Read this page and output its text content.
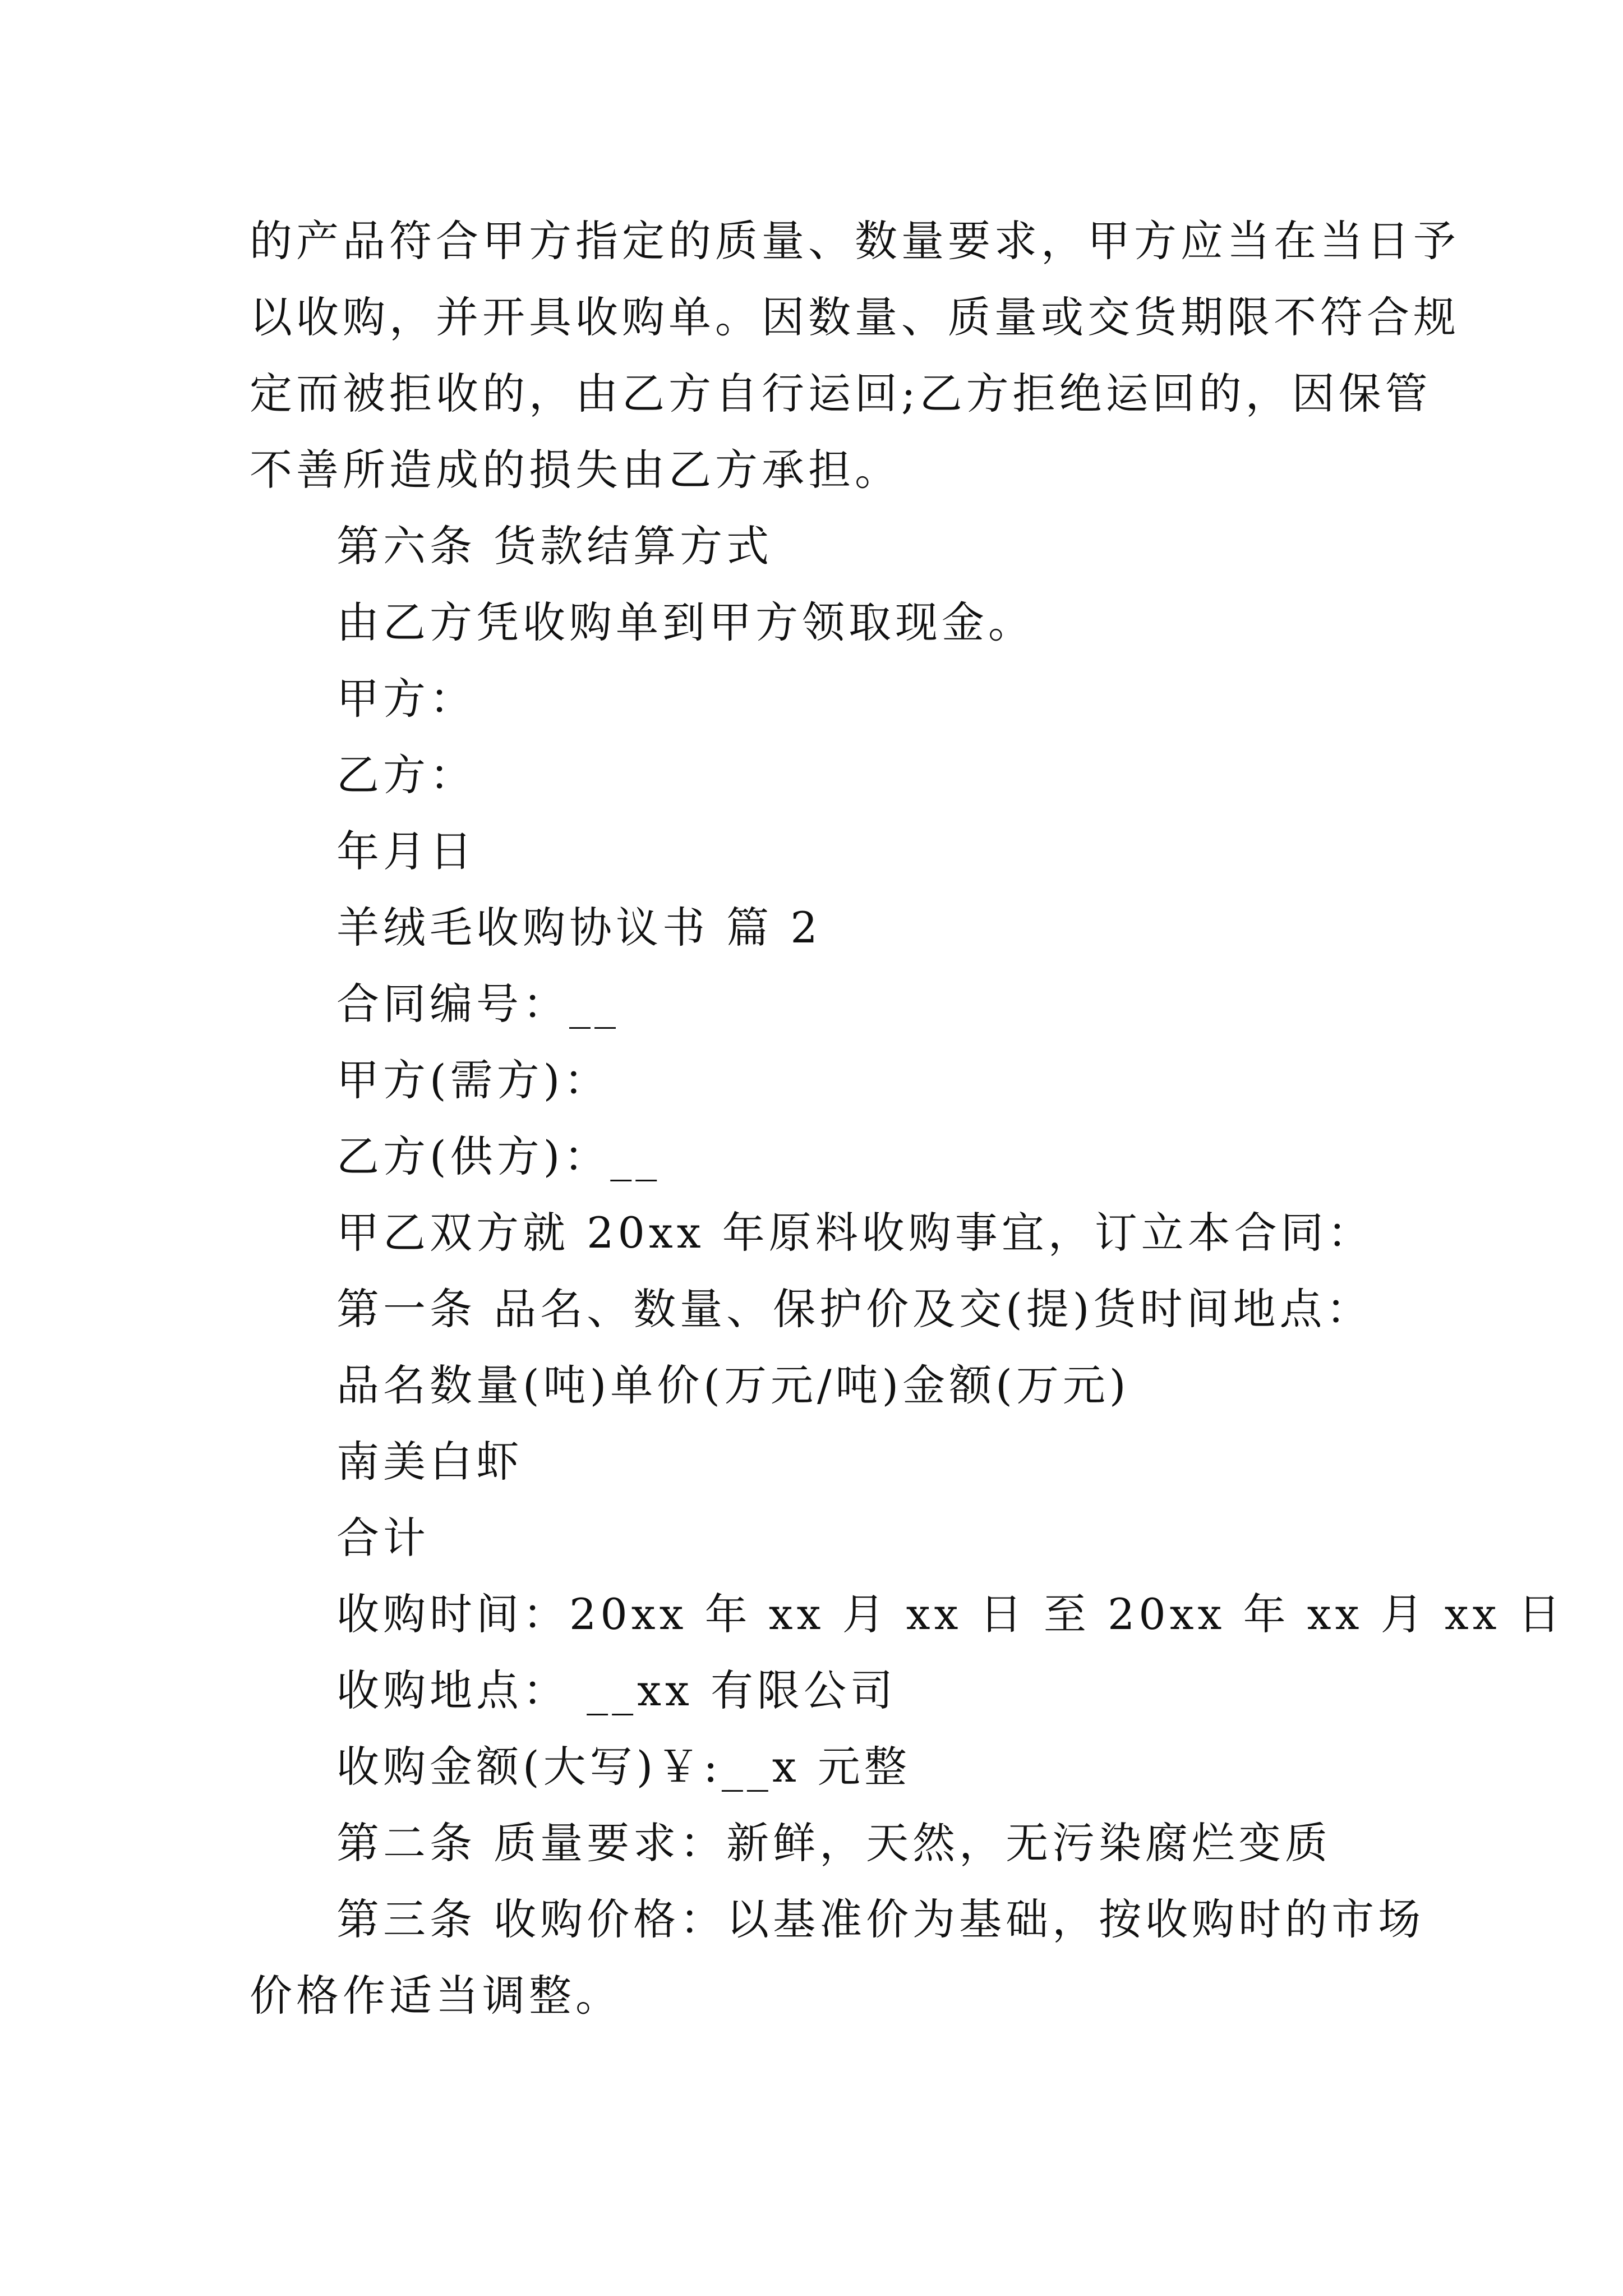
的产品符合甲方指定的质量、数量要求，甲方应当在当日予

以收购，并开具收购单。因数量、质量或交货期限不符合规

定而被拒收的，由乙方自行运回;乙方拒绝运回的，因保管

不善所造成的损失由乙方承担。

第六条 货款结算方式

由乙方凭收购单到甲方领取现金。

甲方：

乙方：

年月日

羊绒毛收购协议书 篇 2

合同编号：__

甲方(需方)：

乙方(供方)：__

甲乙双方就 20xx 年原料收购事宜，订立本合同：

第一条 品名、数量、保护价及交(提)货时间地点：

品名数量(吨)单价(万元/吨)金额(万元)

南美白虾

合计

收购时间：20xx 年 xx 月 xx 日 至 20xx 年 xx 月 xx 日

收购地点： __xx 有限公司

收购金额(大写)￥:__x 元整

第二条 质量要求：新鲜，天然，无污染腐烂变质

第三条 收购价格：以基准价为基础，按收购时的市场

价格作适当调整。
